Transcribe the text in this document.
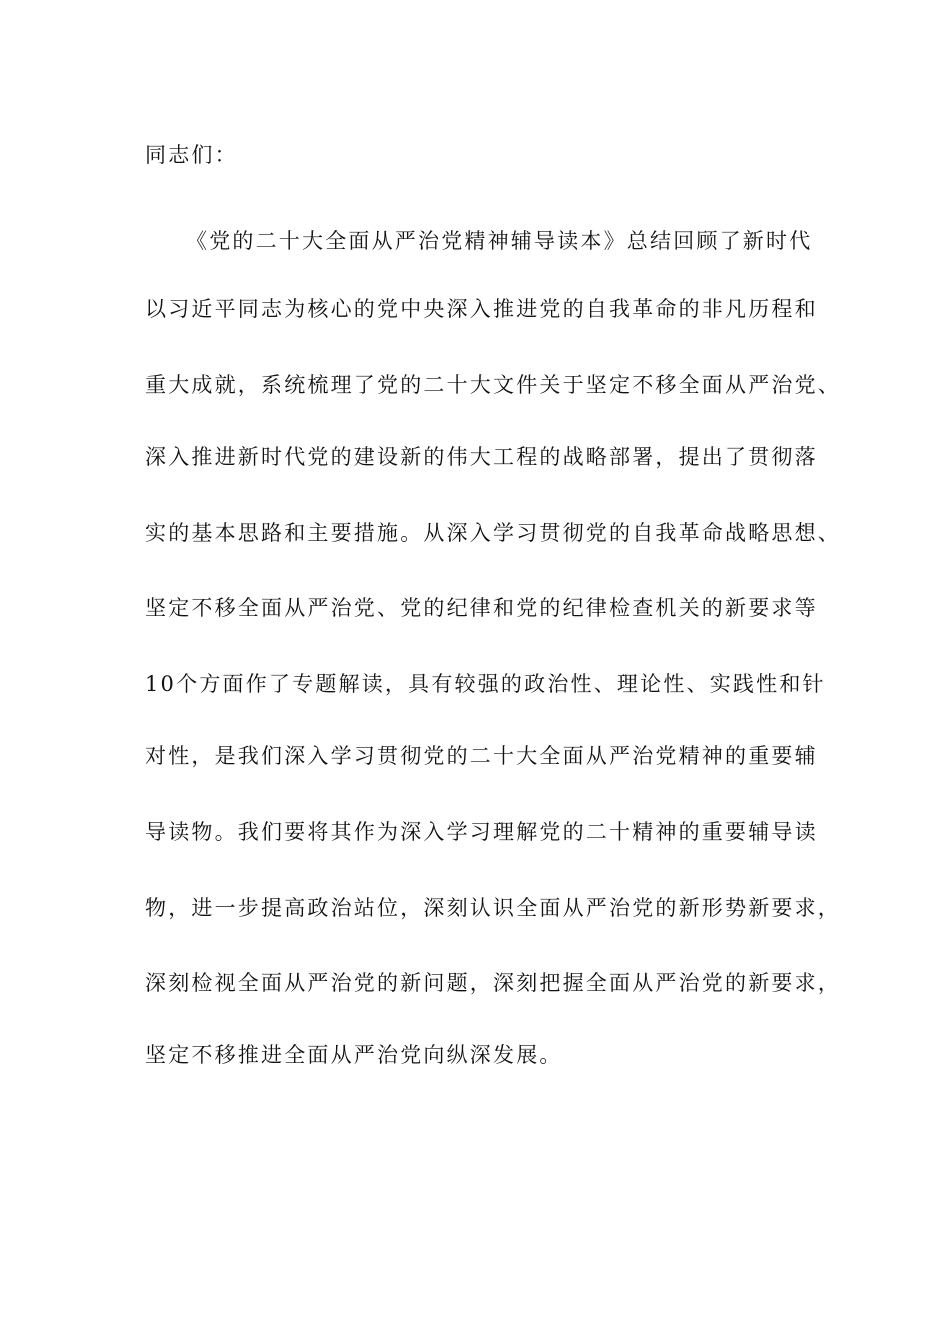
同志们：
《党的二十大全面从严治党精神辅导读本》总结回顾了新时代
以习近平同志为核心的党中央深入推进党的自我革命的非凡历程和
重大成就，系统梳理了党的二十大文件关于坚定不移全面从严治党、
深入推进新时代党的建设新的伟大工程的战略部署，提出了贯彻落
实的基本思路和主要措施。从深入学习贯彻党的自我革命战略思想、
坚定不移全面从严治党、党的纪律和党的纪律检查机关的新要求等
10个方面作了专题解读，具有较强的政治性、理论性、实践性和针
对性，是我们深入学习贯彻党的二十大全面从严治党精神的重要辅
导读物。我们要将其作为深入学习理解党的二十精神的重要辅导读
物，进一步提高政治站位，深刻认识全面从严治党的新形势新要求，
深刻检视全面从严治党的新问题，深刻把握全面从严治党的新要求，
坚定不移推进全面从严治党向纵深发展。
